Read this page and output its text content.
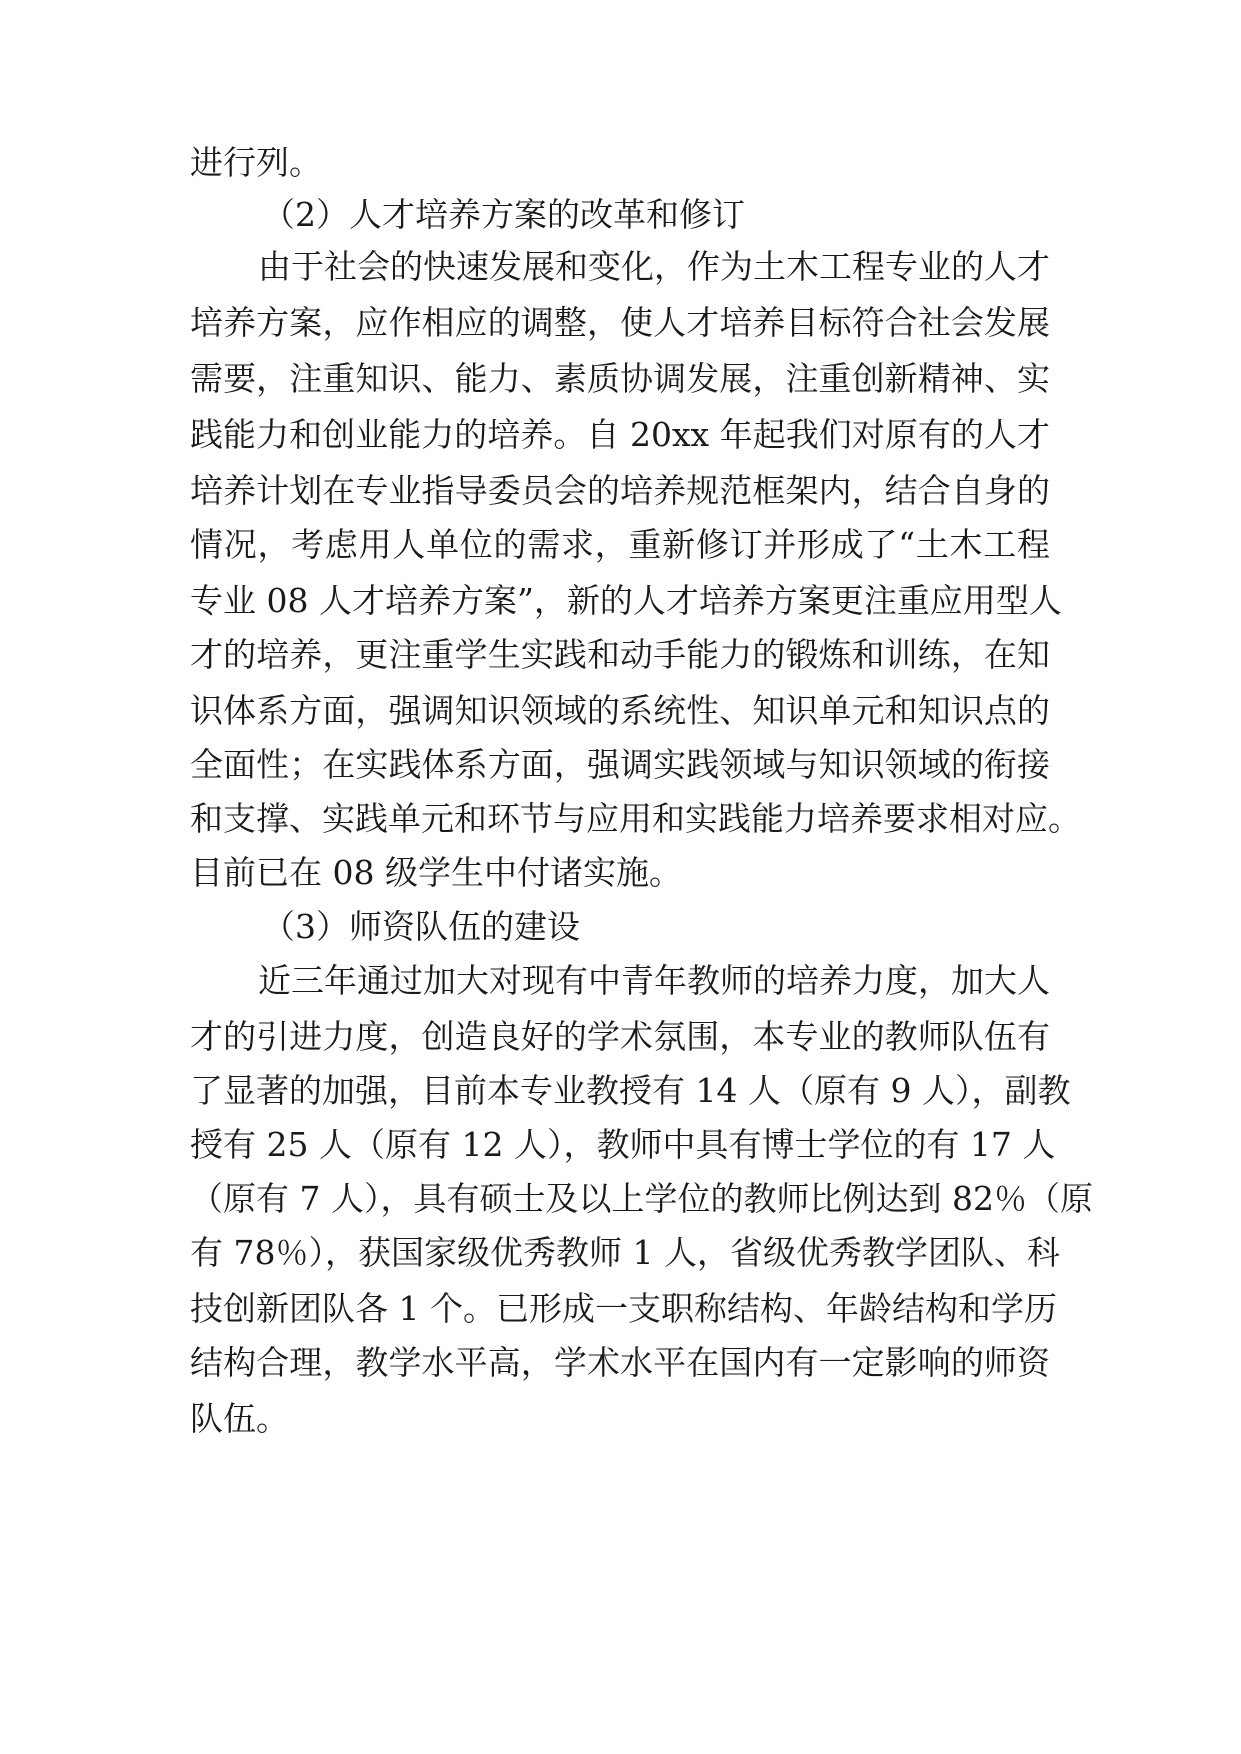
进行列。
（2）人才培养方案的改革和修订
由于社会的快速发展和变化，作为土木工程专业的人才
培养方案，应作相应的调整，使人才培养目标符合社会发展
需要，注重知识、能力、素质协调发展，注重创新精神、实
践能力和创业能力的培养。自 20xx 年起我们对原有的人才
培养计划在专业指导委员会的培养规范框架内，结合自身的
情况，考虑用人单位的需求，重新修订并形成了“土木工程
专业 08 人才培养方案”，新的人才培养方案更注重应用型人
才的培养，更注重学生实践和动手能力的锻炼和训练，在知
识体系方面，强调知识领域的系统性、知识单元和知识点的
全面性；在实践体系方面，强调实践领域与知识领域的衔接
和支撑、实践单元和环节与应用和实践能力培养要求相对应。
目前已在 08 级学生中付诸实施。
（3）师资队伍的建设
近三年通过加大对现有中青年教师的培养力度，加大人
才的引进力度，创造良好的学术氛围，本专业的教师队伍有
了显著的加强，目前本专业教授有 14 人（原有 9 人），副教
授有 25 人（原有 12 人），教师中具有博士学位的有 17 人
（原有 7 人），具有硕士及以上学位的教师比例达到 82％（原
有 78％），获国家级优秀教师 1 人，省级优秀教学团队、科
技创新团队各 1 个。已形成一支职称结构、年龄结构和学历
结构合理，教学水平高，学术水平在国内有一定影响的师资
队伍。
